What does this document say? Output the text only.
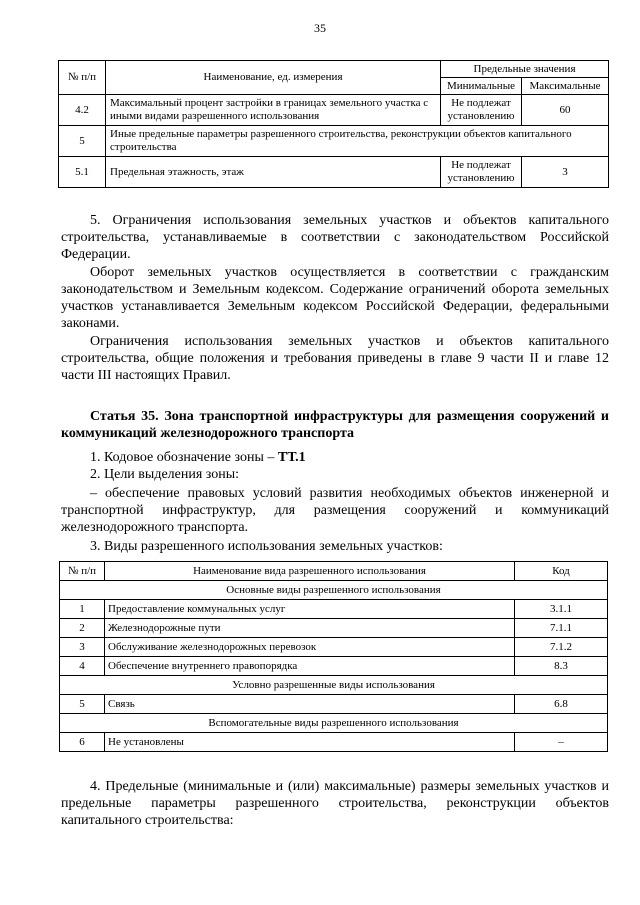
35
№ п/п	Наименование, ед. измерения	Предельные значения	
		Минимальные	Максимальные
4.2	Максимальный процент застройки в границах земельного участка с иными видами разрешенного использования	Не подлежат установлению	60
5	Иные предельные параметры разрешенного строительства, реконструкции объектов капитального строительства		
5.1	Предельная этажность, этаж	Не подлежат установлению	3
5. Ограничения использования земельных участков и объектов капитального строительства, устанавливаемые в соответствии с законодательством Российской Федерации.
Оборот земельных участков осуществляется в соответствии с гражданским законодательством и Земельным кодексом. Содержание ограничений оборота земельных участков устанавливается Земельным кодексом Российской Федерации, федеральными законами.
Ограничения использования земельных участков и объектов капитального строительства, общие положения и требования приведены в главе 9 части II и главе 12 части III настоящих Правил.
Статья 35. Зона транспортной инфраструктуры для размещения сооружений и коммуникаций железнодорожного транспорта
1. Кодовое обозначение зоны – ТТ.1
2. Цели выделения зоны:
– обеспечение правовых условий развития необходимых объектов инженерной и транспортной инфраструктур, для размещения сооружений и коммуникаций железнодорожного транспорта.
3. Виды разрешенного использования земельных участков:
№ п/п	Наименование вида разрешенного использования	Код
Основные виды разрешенного использования		
1	Предоставление коммунальных услуг	3.1.1
2	Железнодорожные пути	7.1.1
3	Обслуживание железнодорожных перевозок	7.1.2
4	Обеспечение внутреннего правопорядка	8.3
Условно разрешенные виды использования		
5	Связь	6.8
Вспомогательные виды разрешенного использования		
6	Не установлены	–
4. Предельные (минимальные и (или) максимальные) размеры земельных участков и предельные параметры разрешенного строительства, реконструкции объектов капитального строительства:
